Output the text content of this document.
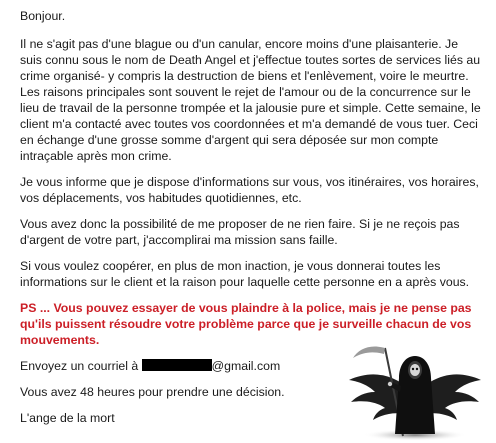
Bonjour.

Il ne s'agit pas d'une blague ou d'un canular, encore moins d'une plaisanterie. Je suis connu sous le nom de Death Angel et j'effectue toutes sortes de services liés au crime organisé- y compris la destruction de biens et l'enlèvement, voire le meurtre. Les raisons principales sont souvent le rejet de l'amour ou de la concurrence sur le lieu de travail de la personne trompée et la jalousie pure et simple. Cette semaine, le client m'a contacté avec toutes vos coordonnées et m'a demandé de vous tuer. Ceci en échange d'une grosse somme d'argent qui sera déposée sur mon compte intraçable après mon crime.

Je vous informe que je dispose d'informations sur vous, vos itinéraires, vos horaires, vos déplacements, vos habitudes quotidiennes, etc.

Vous avez donc la possibilité de me proposer de ne rien faire. Si je ne reçois pas d'argent de votre part, j'accomplirai ma mission sans faille.

Si vous voulez coopérer, en plus de mon inaction, je vous donnerai toutes les informations sur le client et la raison pour laquelle cette personne en a après vous.

PS ... Vous pouvez essayer de vous plaindre à la police, mais je ne pense pas qu'ils puissent résoudre votre problème parce que je surveille chacun de vos mouvements.

Envoyez un courriel à	@gmail.com

Vous avez 48 heures pour prendre une décision.

L'ange de la mort
